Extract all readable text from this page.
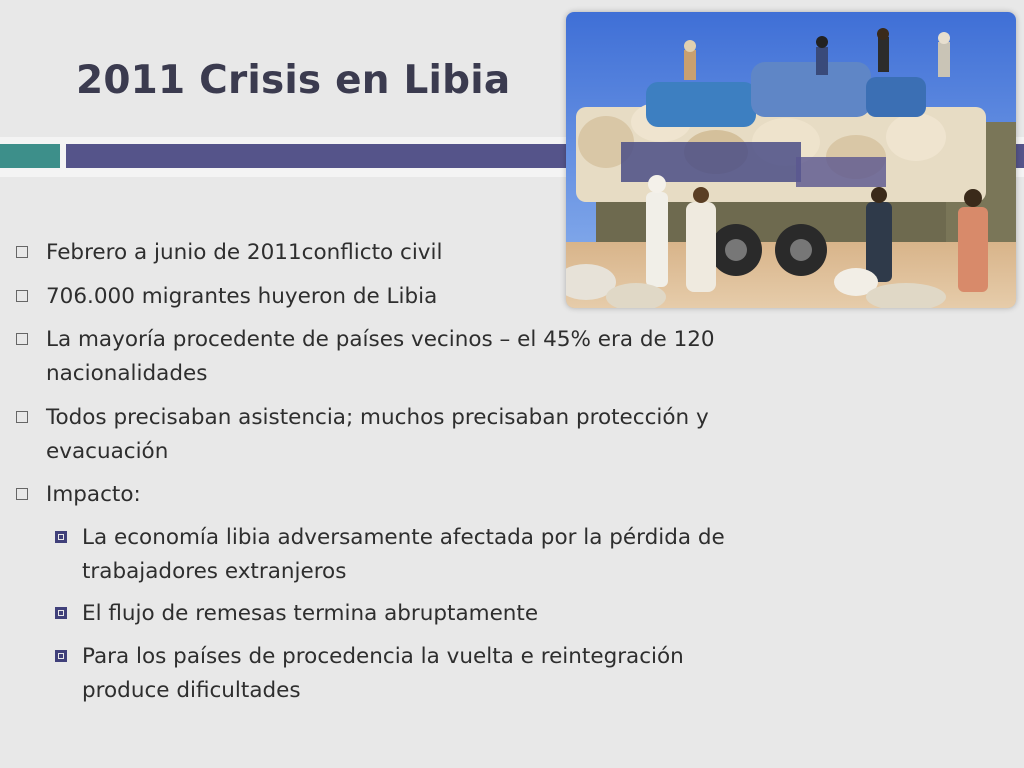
2011 Crisis en Libia
Febrero a junio de 2011conflicto civil
706.000 migrantes huyeron de Libia
La mayoría procedente de países vecinos – el 45% era de 120
nacionalidades
Todos precisaban asistencia; muchos precisaban protección y
evacuación
Impacto:
La economía libia adversamente afectada por la pérdida de
trabajadores extranjeros
El flujo de remesas termina abruptamente
Para los países de procedencia la vuelta e reintegración
produce dificultades
